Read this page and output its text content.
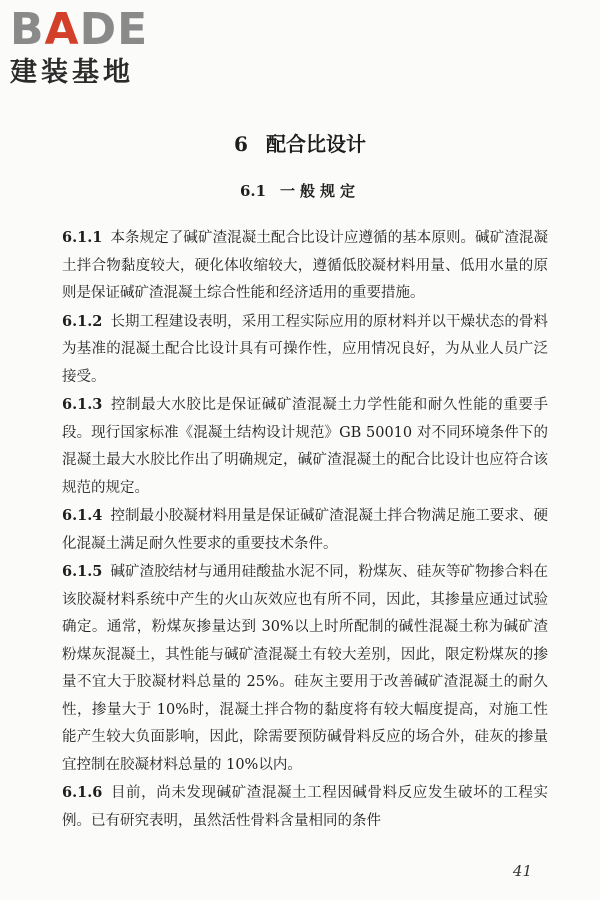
BADE
建装基地
6 配合比设计
6.1 一般规定

6.1.1 本条规定了碱矿渣混凝土配合比设计应遵循的基本原则。碱矿渣混凝土拌合物黏度较大，硬化体收缩较大，遵循低胶凝材料用量、低用水量的原则是保证碱矿渣混凝土综合性能和经济适用的重要措施。

6.1.2 长期工程建设表明，采用工程实际应用的原材料并以干燥状态的骨料为基准的混凝土配合比设计具有可操作性，应用情况良好，为从业人员广泛接受。

6.1.3 控制最大水胶比是保证碱矿渣混凝土力学性能和耐久性能的重要手段。现行国家标准《混凝土结构设计规范》GB 50010 对不同环境条件下的混凝土最大水胶比作出了明确规定，碱矿渣混凝土的配合比设计也应符合该规范的规定。

6.1.4 控制最小胶凝材料用量是保证碱矿渣混凝土拌合物满足施工要求、硬化混凝土满足耐久性要求的重要技术条件。

6.1.5 碱矿渣胶结材与通用硅酸盐水泥不同，粉煤灰、硅灰等矿物掺合料在该胶凝材料系统中产生的火山灰效应也有所不同，因此，其掺量应通过试验确定。通常，粉煤灰掺量达到 30%以上时所配制的碱性混凝土称为碱矿渣粉煤灰混凝土，其性能与碱矿渣混凝土有较大差别，因此，限定粉煤灰的掺量不宜大于胶凝材料总量的 25%。硅灰主要用于改善碱矿渣混凝土的耐久性，掺量大于 10%时，混凝土拌合物的黏度将有较大幅度提高，对施工性能产生较大负面影响，因此，除需要预防碱骨料反应的场合外，硅灰的掺量宜控制在胶凝材料总量的 10%以内。

6.1.6 目前，尚未发现碱矿渣混凝土工程因碱骨料反应发生破坏的工程实例。已有研究表明，虽然活性骨料含量相同的条件

41
